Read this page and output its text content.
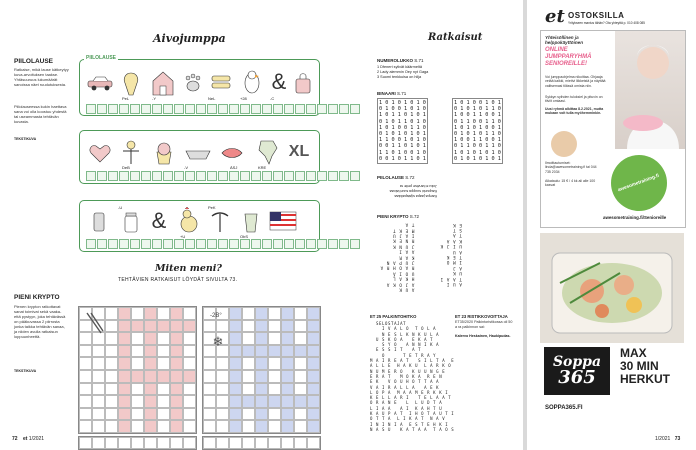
Aivojumppa	Ratkaisut
PIILOLAUSE
Ratkaise, mikä lause kätkeytyy kuva-arvoituksen taakse. Yhtäsuuruus lukumäärät sanoissa näet ruudutuksesta.
Piilolauseessa kukin haettava sana voi olla koostuu yhdestä tai useammasta tehtävän kuvasta.
TEKSTIKUVA
PIILOLAUSE
&
PeL	-Y	NeL	+28	-C
XL
DeB	-V	ÄSJ	KRE
&
-U	PeK
+U	ObS
Miten meni?
TEHTÄVIEN RATKAISUT LÖYDÄT SIVULTA 73.
PIENI KRYPTO
Pienen krypton ratkottavat sanat toimivat sekä vaaka- että pystyyn, joka tehtävässä on pääkuvassa 2 piirrosta jonka taikka tehtävän sanaa, ja niiden avulla ratkaisun loppuunheettä.
TEKSTIKUVA
-2B°
❄
NUMEROLUKKO S.71
1 Dfenert sylivät käärmeltä
2 Lady alemmin Oey nyt Gaga
3 Suomi tenkkuisa on hilja
BINAARI S.71
1 0 1 0 1 0 1 0
0 1 0 0 1 0 1 0
1 0 1 1 0 1 0 1
0 1 0 1 1 0 1 0
1 0 1 0 0 1 1 0
0 1 0 1 0 1 0 1
1 1 0 0 1 0 1 0
0 0 1 1 0 1 0 1
1 1 0 1 0 0 1 0
0 0 1 0 1 1 0 1
1 0 1 0 0 1 0 1
0 1 0 1 0 1 1 0
1 0 0 1 1 0 0 1
0 1 1 0 0 1 1 0
1 0 1 0 1 0 0 1
0 1 0 1 0 1 1 0
1 0 0 1 1 0 0 1
0 1 1 0 0 1 1 0
1 0 1 0 1 0 1 0
0 1 0 1 0 1 0 1
PIILOLAUSE S.72
Kampa jaapa sijaispaikkaa
Kaupunki suuppa suuri taloaa
Joku ei tarvitse peite ra
PIENI KRYPTO S.72
A U K
A J O K A
H K A L
U O I Ä
R A O H R A
J U P A N
K A R
A A I
J U N K
R N E K
I A J U
M E K T
T A
A U I
T A A I
U K
A J
I M O
T E K
A U
U I J K
K A A
T A
S T
E K
ET 25 PALKINTOHITKO	ET 23 RISTIKKOVOITTAJA
ET35/2020 Palkintoristikossa oli 50 a ra palkinnon sai:
Kalervo Heskainen, Haukipudas.
SELOSTAJAT
I V A L O  T O L A
N E S L K N K U L A
U S K O A   E K A T
S Y O   A N N I K A
E S S I T   A T
O      T E T R A Y
M A I R E A T   S I L T A  E
A L L E  H A K U  L A R K O
N U M E R O   K U U N G E
E R A T   M O K A  R E N
E K   V O U H O T T A A
V A I R A L L A   A E K
L O P A  M A A M E R K K I
K E L L A R I   T E L A A T
O R A N E   L  L U D T A
L I A A   A I  K A H T U
K A U P A T  I H O T A U T I
O T T A  L I K A T  N A V
I N I N I A  E S T E H K I
N A S U   K A T A A  T A O S
72 et 1/2021
et OSTOKSILLA
Yritykseen manius tähän? Ota yhteyttä p. 010 408 085
Yhteisöllinen ja helppokäyttöinen
ONLINE JUMPPARYHMÄ SENIOREILLE!
Voi jumppaohjelma nikoittaa. Ohjaaja vetää kaikki, mietivi liikkeistä ja näyttää valitsemasi tilässä omista niin.
Sykkyn syihden tuloksiel ja pituvin on tiiviit omiaasi.
Uusi ryhmä alkittaa 8.2.2021, mutta mukaan voit tulla myöhemminkin.
Ilmoittautumiset: linda@awesometraining.fi tai 044 735 2034
Aikataulu: 15 € / 4 kk ali alle 100 kasvat	awesometraining.fi
awesometraining.fi/Senioreille
Soppa
365
MAX
30 MIN
HERKUT
SOPPA365.FI
1/2021 73
